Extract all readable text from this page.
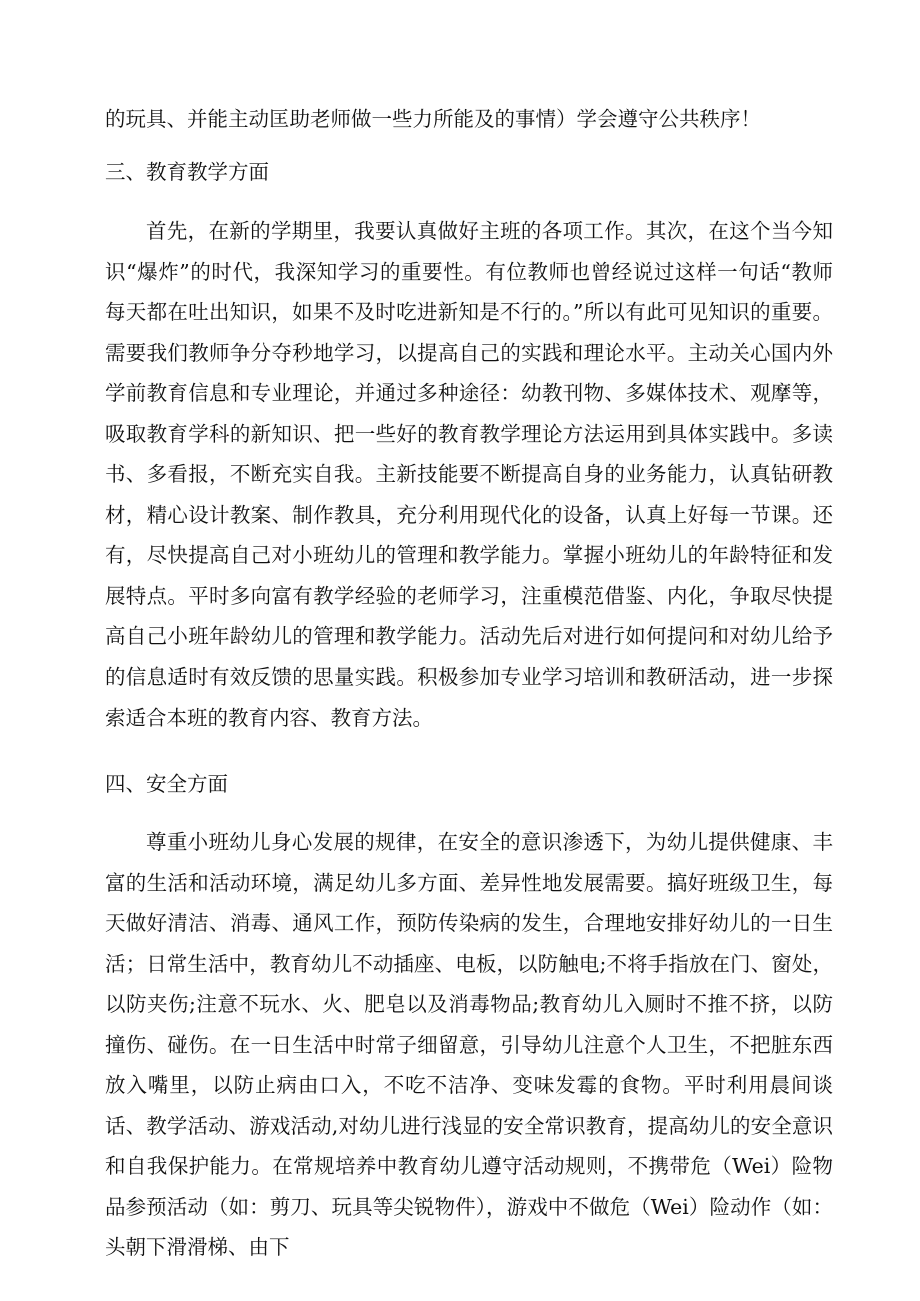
的玩具、并能主动匡助老师做一些力所能及的事情）学会遵守公共秩序！
三、教育教学方面

首先，在新的学期里，我要认真做好主班的各项工作。其次，在这个当今知识“爆炸”的时代，我深知学习的重要性。有位教师也曾经说过这样一句话“教师每天都在吐出知识，如果不及时吃进新知是不行的。”所以有此可见知识的重要。需要我们教师争分夺秒地学习，以提高自己的实践和理论水平。主动关心国内外学前教育信息和专业理论，并通过多种途径：幼教刊物、多媒体技术、观摩等，吸取教育学科的新知识、把一些好的教育教学理论方法运用到具体实践中。多读书、多看报，不断充实自我。主新技能要不断提高自身的业务能力，认真钻研教材，精心设计教案、制作教具，充分利用现代化的设备，认真上好每一节课。还有，尽快提高自己对小班幼儿的管理和教学能力。掌握小班幼儿的年龄特征和发展特点。平时多向富有教学经验的老师学习，注重模范借鉴、内化，争取尽快提高自己小班年龄幼儿的管理和教学能力。活动先后对进行如何提问和对幼儿给予的信息适时有效反馈的思量实践。积极参加专业学习培训和教研活动，进一步探索适合本班的教育内容、教育方法。

四、安全方面

尊重小班幼儿身心发展的规律，在安全的意识渗透下，为幼儿提供健康、丰富的生活和活动环境，满足幼儿多方面、差异性地发展需要。搞好班级卫生，每天做好清洁、消毒、通风工作，预防传染病的发生，合理地安排好幼儿的一日生活；日常生活中，教育幼儿不动插座、电板，以防触电;不将手指放在门、窗处，以防夹伤;注意不玩水、火、肥皂以及消毒物品;教育幼儿入厕时不推不挤，以防撞伤、碰伤。在一日生活中时常子细留意，引导幼儿注意个人卫生，不把脏东西放入嘴里，以防止病由口入，不吃不洁净、变味发霉的食物。平时利用晨间谈话、教学活动、游戏活动,对幼儿进行浅显的安全常识教育，提高幼儿的安全意识和自我保护能力。在常规培养中教育幼儿遵守活动规则，不携带危（Wei）险物品参预活动（如：剪刀、玩具等尖锐物件），游戏中不做危（Wei）险动作（如：头朝下滑滑梯、由下
